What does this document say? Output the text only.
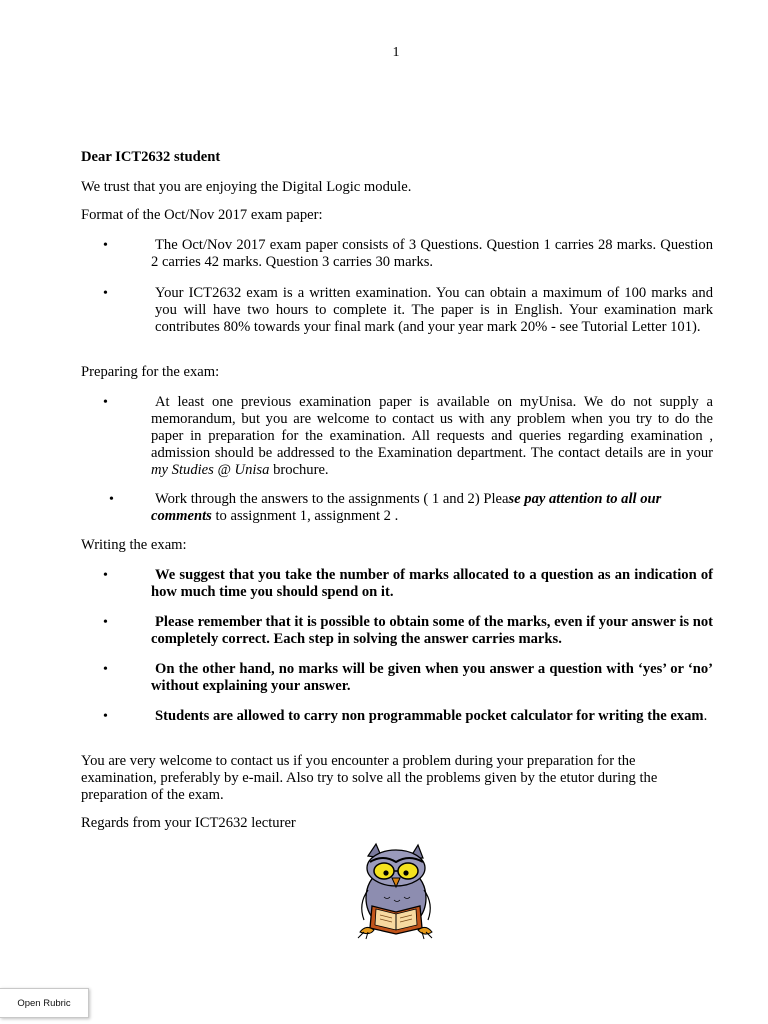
1

Dear ICT2632 student

We trust that you are enjoying the Digital Logic module.

Format of the Oct/Nov 2017 exam paper:

•	The Oct/Nov 2017 exam paper consists of 3 Questions. Question 1 carries 28 marks. Question 2 carries 42 marks. Question 3 carries 30 marks.
•	Your ICT2632 exam is a written examination. You can obtain a maximum of 100 marks and you will have two hours to complete it. The paper is in English. Your examination mark contributes 80% towards your final mark (and your year mark 20% - see Tutorial Letter 101).

Preparing for the exam:

•	At least one previous examination paper is available on myUnisa. We do not supply a memorandum, but you are welcome to contact us with any problem when you try to do the paper in preparation for the examination. All requests and queries regarding examination , admission should be addressed to the Examination department. The contact details are in your my Studies @ Unisa brochure.
•	Work through the answers to the assignments ( 1 and 2) Please pay attention to all our comments to assignment 1, assignment 2 .

Writing the exam:

•	We suggest that you take the number of marks allocated to a question as an indication of how much time you should spend on it.
•	Please remember that it is possible to obtain some of the marks, even if your answer is not completely correct. Each step in solving the answer carries marks.
•	On the other hand, no marks will be given when you answer a question with ‘yes’ or ‘no’ without explaining your answer.
•	Students are allowed to carry non programmable pocket calculator for writing the exam.

You are very welcome to contact us if you encounter a problem during your preparation for the examination, preferably by e-mail. Also try to solve all the problems given by the etutor during the preparation of the exam.

Regards from your ICT2632 lecturer

Open Rubric
